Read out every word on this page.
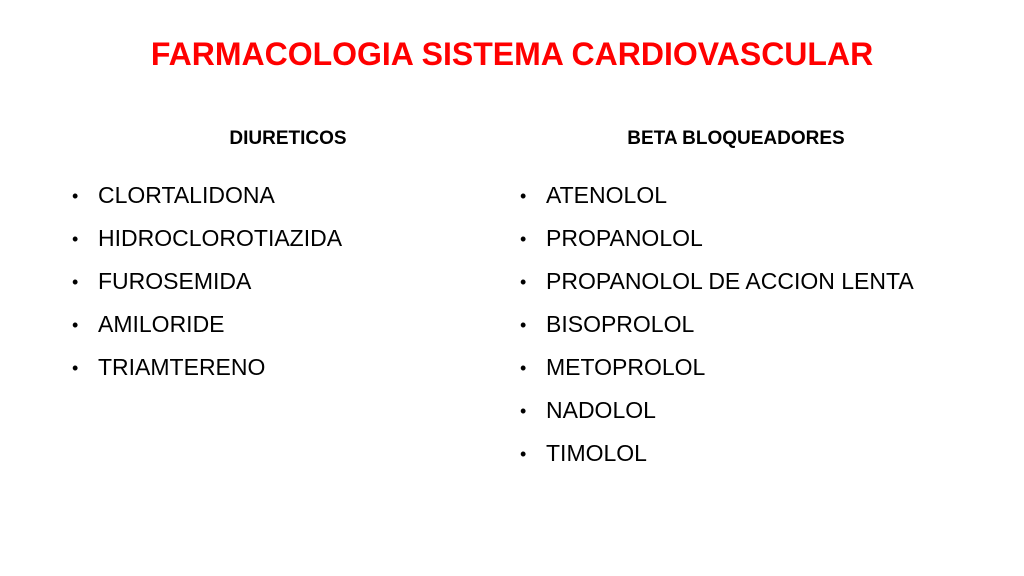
FARMACOLOGIA SISTEMA CARDIOVASCULAR
DIURETICOS
• CLORTALIDONA
• HIDROCLOROTIAZIDA
• FUROSEMIDA
• AMILORIDE
• TRIAMTERENO
BETA BLOQUEADORES
• ATENOLOL
• PROPANOLOL
• PROPANOLOL DE ACCION LENTA
• BISOPROLOL
• METOPROLOL
• NADOLOL
• TIMOLOL
